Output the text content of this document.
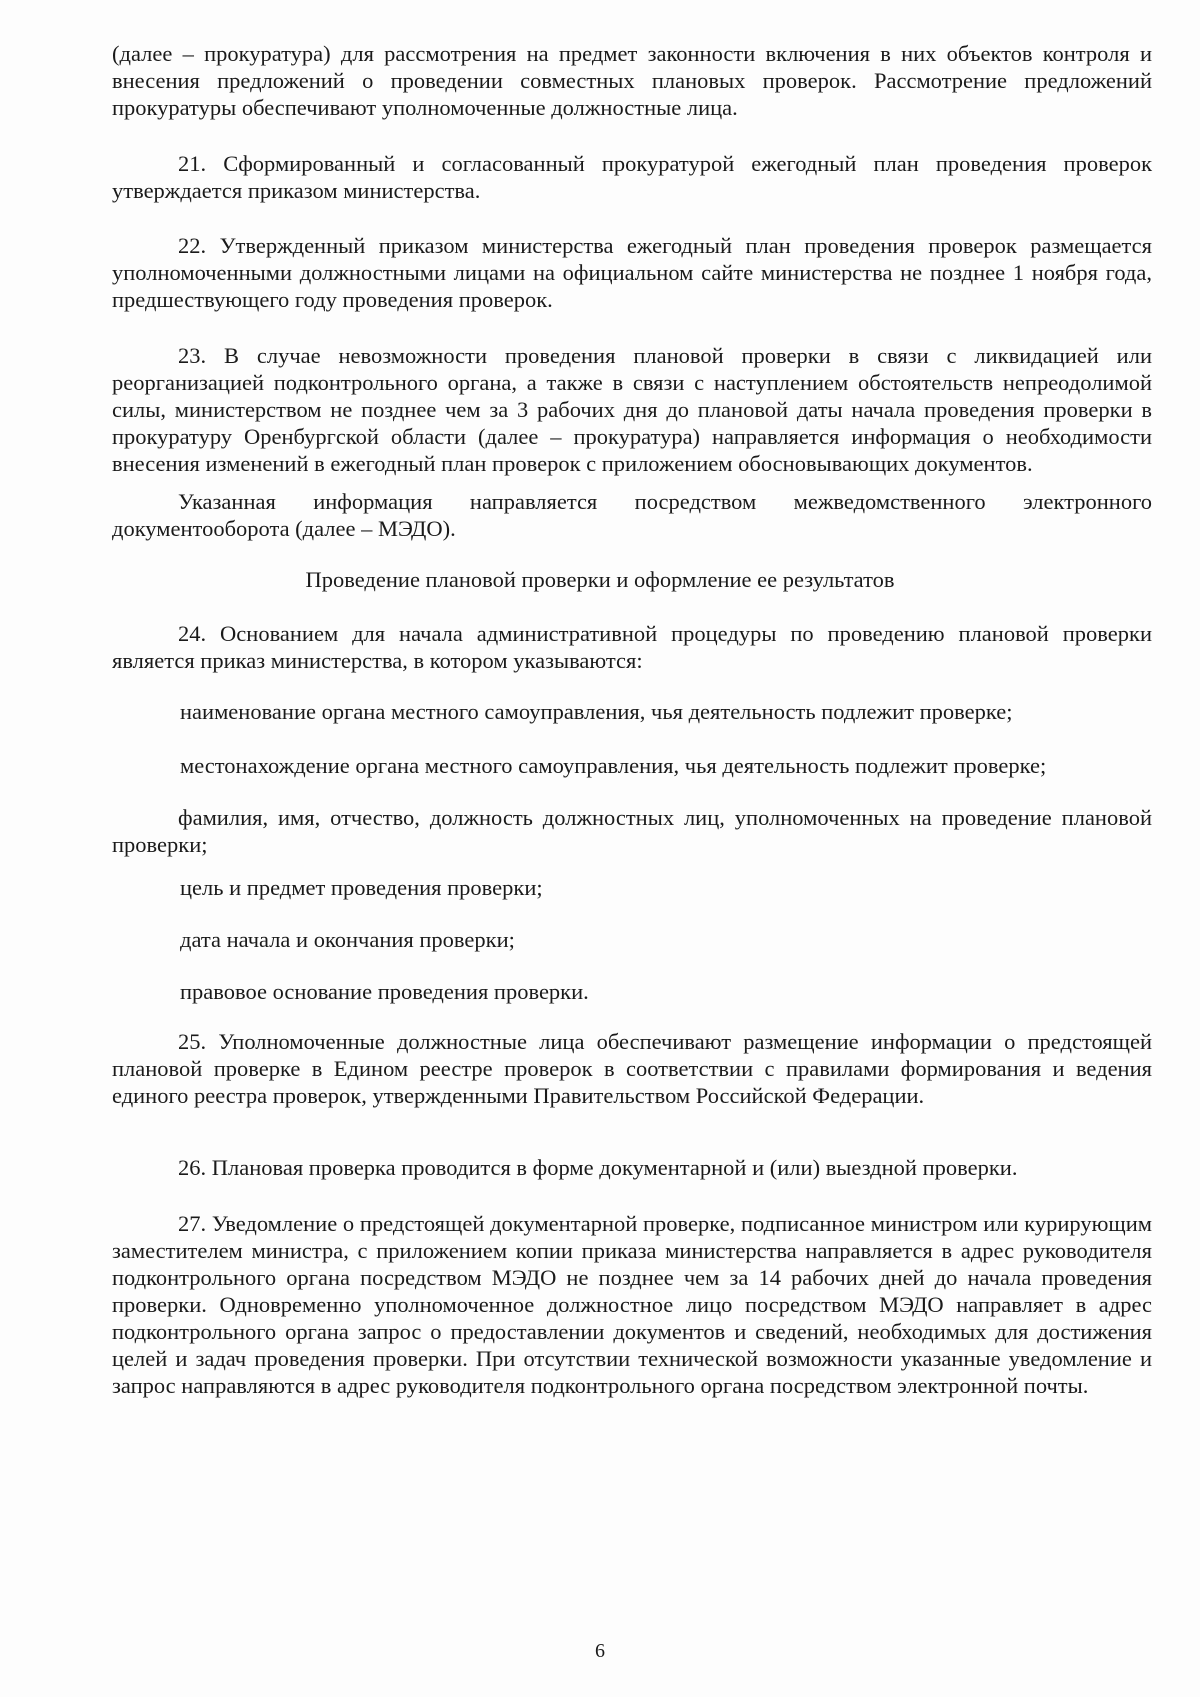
(далее – прокуратура) для рассмотрения на предмет законности включения в них объектов контроля и внесения предложений о проведении совместных плановых проверок. Рассмотрение предложений прокуратуры обеспечивают уполномоченные должностные лица.
21. Сформированный и согласованный прокуратурой ежегодный план проведения проверок утверждается приказом министерства.
22. Утвержденный приказом министерства ежегодный план проведения проверок размещается уполномоченными должностными лицами на официальном сайте министерства не позднее 1 ноября года, предшествующего году проведения проверок.
23. В случае невозможности проведения плановой проверки в связи с ликвидацией или реорганизацией подконтрольного органа, а также в связи с наступлением обстоятельств непреодолимой силы, министерством не позднее чем за 3 рабочих дня до плановой даты начала проведения проверки в прокуратуру Оренбургской области (далее – прокуратура) направляется информация о необходимости внесения изменений в ежегодный план проверок с приложением обосновывающих документов.
Указанная информация направляется посредством межведомственного электронного документооборота (далее – МЭДО).
Проведение плановой проверки и оформление ее результатов
24. Основанием для начала административной процедуры по проведению плановой проверки является приказ министерства, в котором указываются:
наименование органа местного самоуправления, чья деятельность подлежит проверке;
местонахождение органа местного самоуправления, чья деятельность подлежит проверке;
фамилия, имя, отчество, должность должностных лиц, уполномоченных на проведение плановой проверки;
цель и предмет проведения проверки;
дата начала и окончания проверки;
правовое основание проведения проверки.
25. Уполномоченные должностные лица обеспечивают размещение информации о предстоящей плановой проверке в Едином реестре проверок в соответствии с правилами формирования и ведения единого реестра проверок, утвержденными Правительством Российской Федерации.
26. Плановая проверка проводится в форме документарной и (или) выездной проверки.
27. Уведомление о предстоящей документарной проверке, подписанное министром или курирующим заместителем министра, с приложением копии приказа министерства направляется в адрес руководителя подконтрольного органа посредством МЭДО не позднее чем за 14 рабочих дней до начала проведения проверки. Одновременно уполномоченное должностное лицо посредством МЭДО направляет в адрес подконтрольного органа запрос о предоставлении документов и сведений, необходимых для достижения целей и задач проведения проверки. При отсутствии технической возможности указанные уведомление и запрос направляются в адрес руководителя подконтрольного органа посредством электронной почты.
6
